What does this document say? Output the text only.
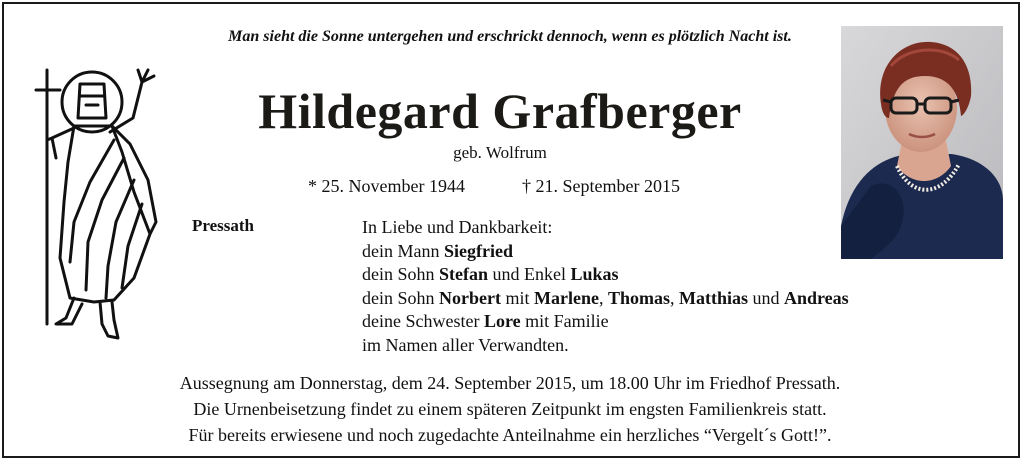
Man sieht die Sonne untergehen und erschrickt dennoch, wenn es plötzlich Nacht ist.
Hildegard Grafberger
geb. Wolfrum
* 25. November 1944	† 21. September 2015
Pressath	In Liebe und Dankbarkeit:
dein Mann Siegfried
dein Sohn Stefan und Enkel Lukas
dein Sohn Norbert mit Marlene, Thomas, Matthias und Andreas
deine Schwester Lore mit Familie
im Namen aller Verwandten.
Aussegnung am Donnerstag, dem 24. September 2015, um 18.00 Uhr im Friedhof Pressath.
Die Urnenbeisetzung findet zu einem späteren Zeitpunkt im engsten Familienkreis statt.
Für bereits erwiesene und noch zugedachte Anteilnahme ein herzliches “Vergelt´s Gott!”.
